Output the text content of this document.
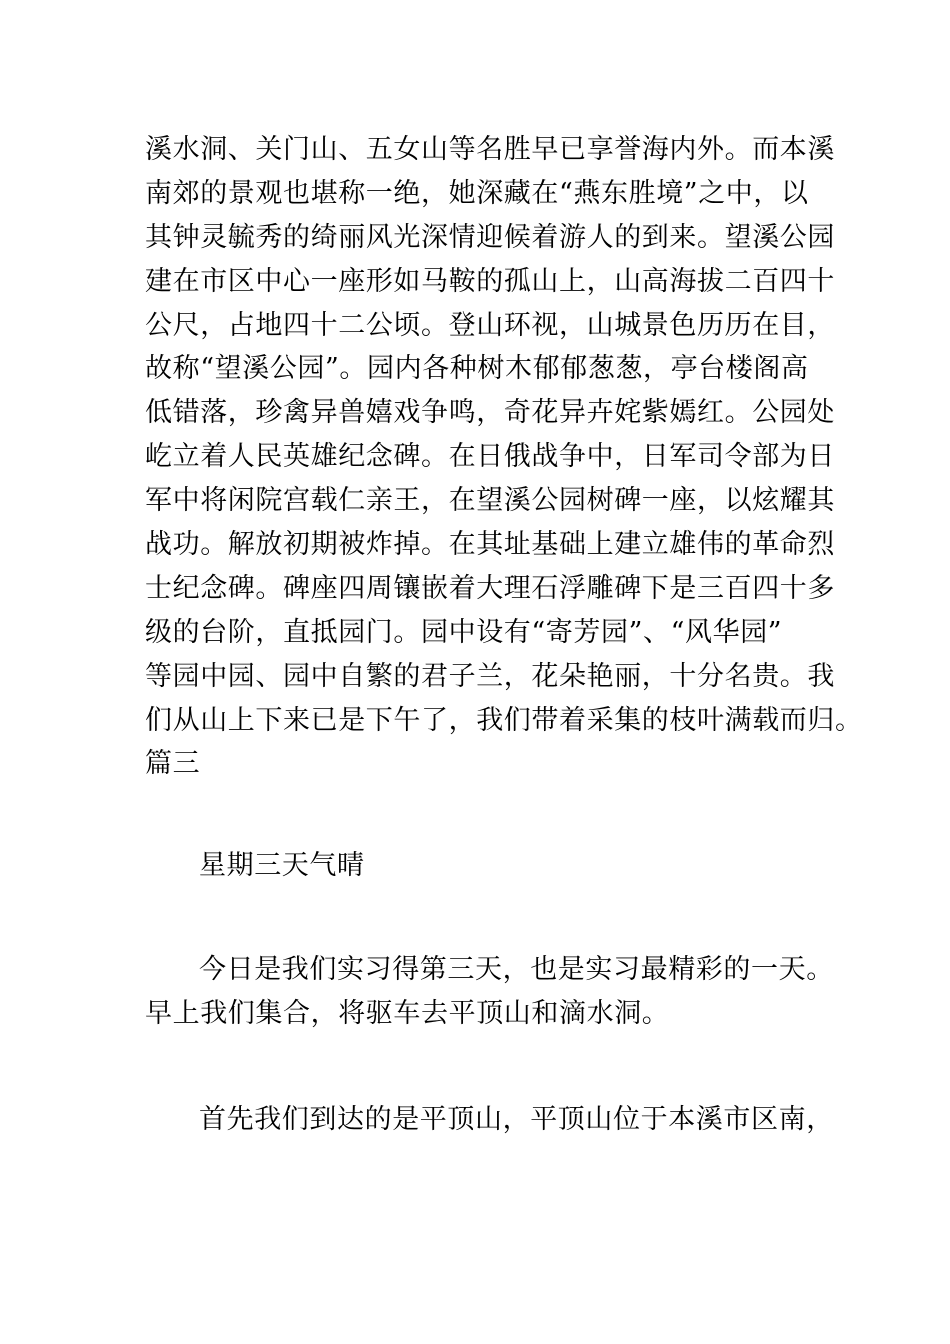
溪水洞、关门山、五女山等名胜早已享誉海内外。而本溪
南郊的景观也堪称一绝，她深藏在“燕东胜境”之中，以
其钟灵毓秀的绮丽风光深情迎候着游人的到来。望溪公园
建在市区中心一座形如马鞍的孤山上，山高海拔二百四十
公尺，占地四十二公顷。登山环视，山城景色历历在目，
故称“望溪公园”。园内各种树木郁郁葱葱，亭台楼阁高
低错落，珍禽异兽嬉戏争鸣，奇花异卉姹紫嫣红。公园处
屹立着人民英雄纪念碑。在日俄战争中，日军司令部为日
军中将闲院宫载仁亲王，在望溪公园树碑一座，以炫耀其
战功。解放初期被炸掉。在其址基础上建立雄伟的革命烈
士纪念碑。碑座四周镶嵌着大理石浮雕碑下是三百四十多
级的台阶，直抵园门。园中设有“寄芳园”、“风华园”
等园中园、园中自繁的君子兰，花朵艳丽，十分名贵。我
们从山上下来已是下午了，我们带着采集的枝叶满载而归。
篇三
星期三天气晴
今日是我们实习得第三天，也是实习最精彩的一天。
早上我们集合，将驱车去平顶山和滴水洞。
首先我们到达的是平顶山，平顶山位于本溪市区南，
